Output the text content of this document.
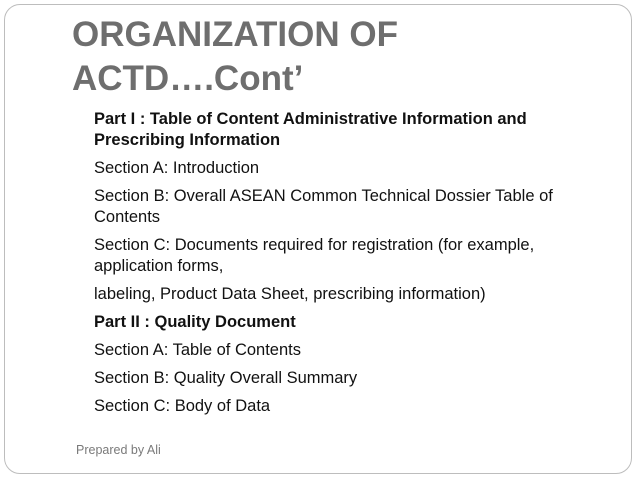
ORGANIZATION OF
ACTD….Cont’

Part I : Table of Content Administrative Information and Prescribing Information

Section A: Introduction

Section B: Overall ASEAN Common Technical Dossier Table of Contents

Section C: Documents required for registration (for example, application forms,

labeling, Product Data Sheet, prescribing information)

Part II : Quality Document

Section A: Table of Contents

Section B: Quality Overall Summary

Section C: Body of Data

Prepared by Ali
